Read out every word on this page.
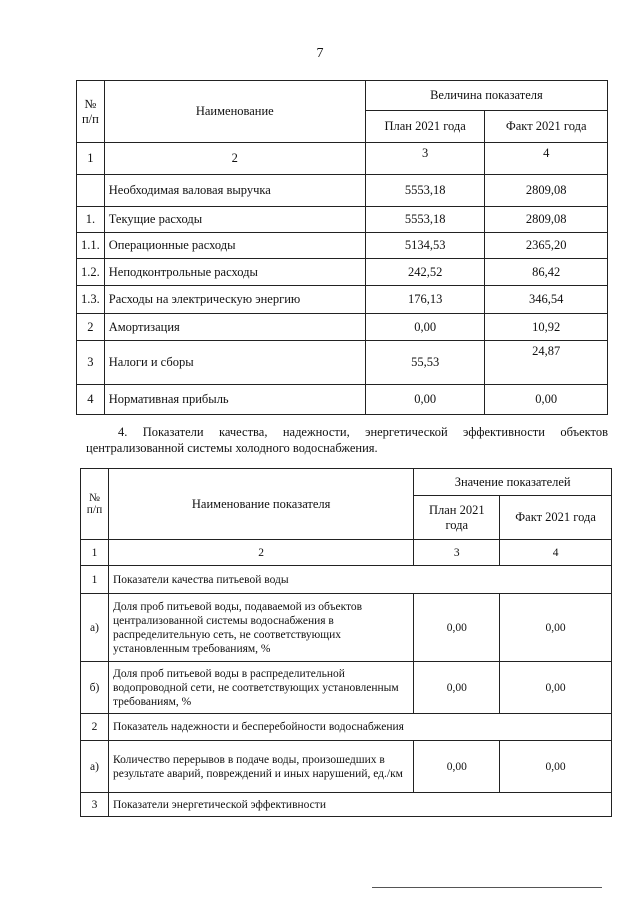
7
№ п/п	Наименование	Величина показателя	
		План 2021 года	Факт 2021 года
1	2	3	4
	Необходимая валовая выручка	5553,18	2809,08
1.	Текущие расходы	5553,18	2809,08
1.1.	Операционные расходы	5134,53	2365,20
1.2.	Неподконтрольные расходы	242,52	86,42
1.3.	Расходы на электрическую энергию	176,13	346,54
2	Амортизация	0,00	10,92
3	Налоги и сборы	55,53	24,87
4	Нормативная прибыль	0,00	0,00
4. Показатели качества, надежности, энергетической эффективности объектов централизованной системы холодного водоснабжения.
№ п/п	Наименование показателя	Значение показателей	
		План 2021 года	Факт 2021 года
1	2	3	4
1	Показатели качества питьевой воды		
а)	Доля проб питьевой воды, подаваемой из объектов централизованной системы водоснабжения в распределительную сеть, не соответствующих установленным требованиям, %	0,00	0,00
б)	Доля проб питьевой воды в распределительной водопроводной сети, не соответствующих установленным требованиям, %	0,00	0,00
2	Показатель надежности и бесперебойности водоснабжения		
а)	Количество перерывов в подаче воды, произошедших в результате аварий, повреждений и иных нарушений, ед./км	0,00	0,00
3	Показатели энергетической эффективности		
